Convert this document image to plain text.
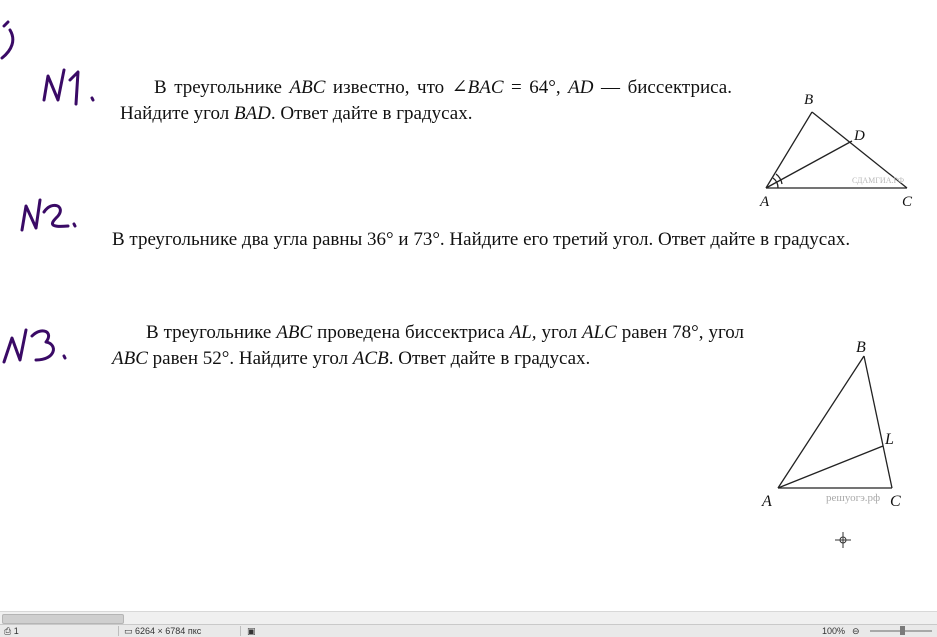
В треугольнике ABC известно, что ∠BAC = 64°, AD — биссектриса. Найдите угол BAD. Ответ дайте в градусах.

В треугольнике два угла равны 36° и 73°. Найдите его третий угол. Ответ дайте в градусах.

В треугольнике ABC проведена биссектриса AL, угол ALC равен 78°, угол ABC равен 52°. Найдите угол ACB. Ответ дайте в градусах.

СДАМГИА.РФ
B
D
A	C
решуогэ.рф
B
L
A	C
⎙ 1	▭ 6264 × 6784 пкс	▣	100% ⊖
